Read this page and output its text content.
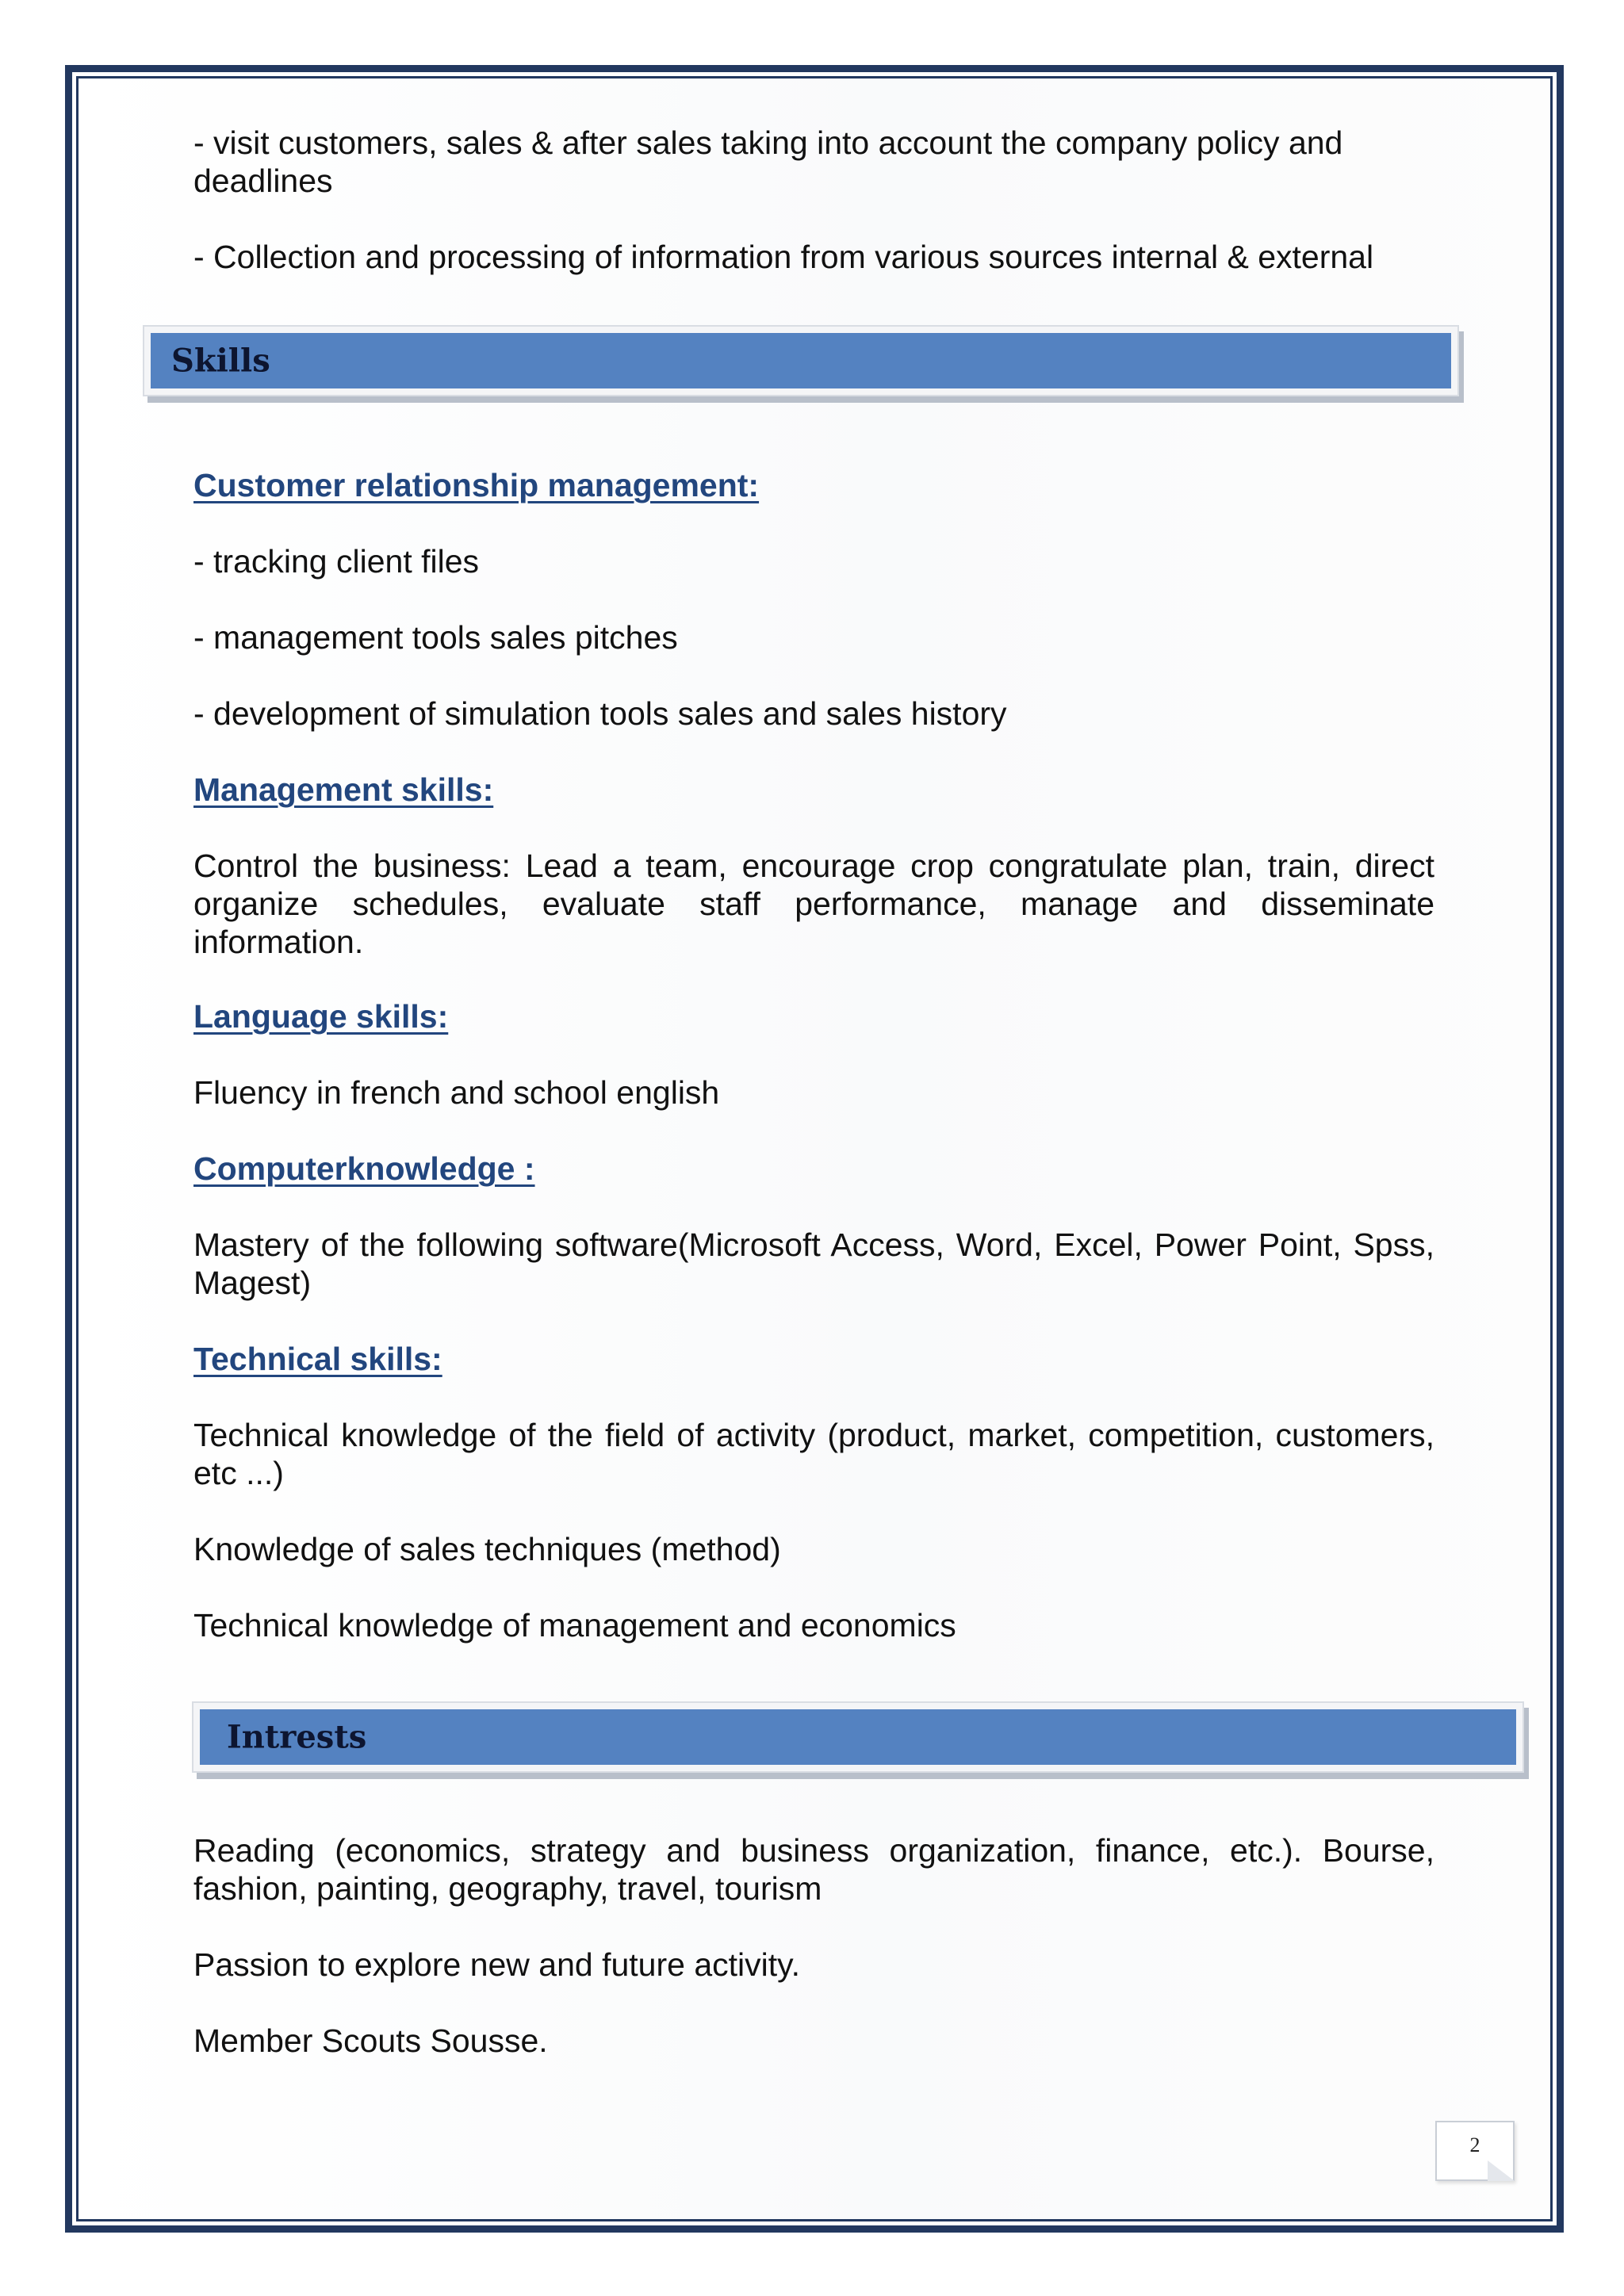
- visit customers, sales & after sales taking into account the company policy and deadlines

- Collection and processing of information from various sources internal & external

Skills

Customer relationship management:

- tracking client files

- management tools sales pitches

- development of simulation tools sales and sales history

Management skills:

Control the business: Lead a team, encourage crop congratulate plan, train, direct organize schedules, evaluate staff performance, manage and disseminate information.

Language skills:

Fluency in french and school english

Computerknowledge :

Mastery of the following software(Microsoft Access, Word, Excel, Power Point, Spss, Magest)

Technical skills:

Technical knowledge of the field of activity (product, market, competition, customers, etc ...)

Knowledge of sales techniques (method)

Technical knowledge of management and economics

Intrests

Reading (economics, strategy and business organization, finance, etc.). Bourse, fashion, painting, geography, travel, tourism

Passion to explore new and future activity.

Member Scouts Sousse.

2
